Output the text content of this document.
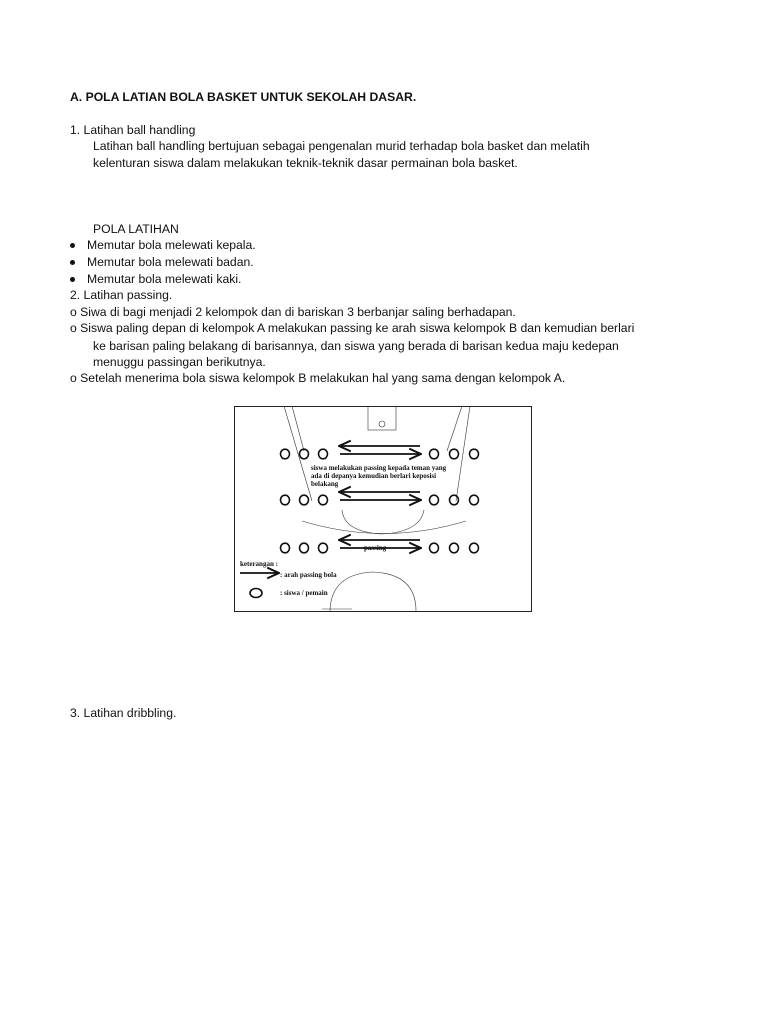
A. POLA LATIAN BOLA BASKET UNTUK SEKOLAH DASAR.
1. Latihan ball handling
Latihan ball handling bertujuan sebagai pengenalan murid terhadap bola basket dan melatih
kelenturan siswa dalam melakukan teknik-teknik dasar permainan bola basket.
POLA LATIHAN
Memutar bola melewati kepala.
Memutar bola melewati badan.
Memutar bola melewati kaki.
2. Latihan passing.
o Siwa di bagi menjadi 2 kelompok dan di bariskan 3 berbanjar saling berhadapan.
o Siswa paling depan di kelompok A melakukan passing ke arah siswa kelompok B dan kemudian berlari
ke barisan paling belakang di barisannya, dan siswa yang berada di barisan kedua maju kedepan
menuggu passingan berikutnya.
o Setelah menerima bola siswa kelompok B melakukan hal yang sama dengan kelompok A.
siswa melakukan passing kepada teman yang
ada di depanya kemudian berlari keposisi
belakang
passing
keterangan :
: arah passing bola
: siswa / pemain
3. Latihan dribbling.
